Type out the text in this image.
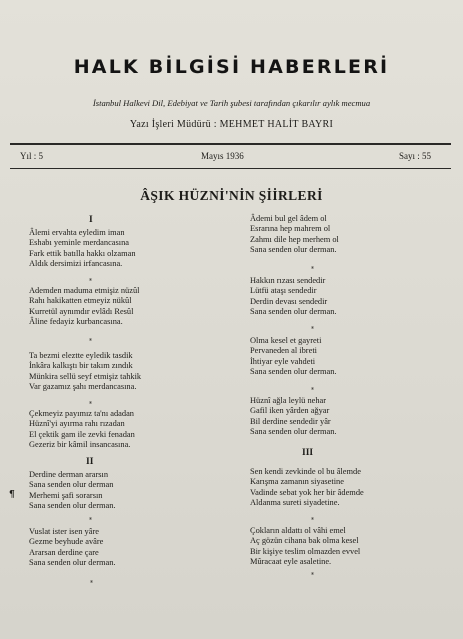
HALK BİLGİSİ HABERLERİ
İstanbul Halkevi Dil, Edebiyat ve Tarih şubesi tarafından çıkarılır aylık mecmua
Yazı İşleri Müdürü : MEHMET HALİT BAYRI
Yıl : 5	Mayıs 1936	Sayı : 55
ÂŞIK HÜZNİ'NİN ŞİİRLERİ
I
Âlemi ervahta eyledim iman
Eshabı yeminle merdancasına
Fark ettik batılla hakkı olzaman
Aldık dersimizi irfancasına.
*
Ademden maduma etmişiz nüzûl
Rahı hakikatten etmeyiz nükûl
Kurretül aynımdır evlâdı Resûl
Âline fedayiz kurbancasına.
*
Ta bezmi eleztte eyledik tasdik
İnkâra kalkıştı bir takım zındık
Münkira sellü seyf etmişiz tahkik
Var gazamız şahı merdancasına.
*
Çekmeyiz payımız ta'nı adadan
Hüznî'yi ayırma rahı rızadan
El çektik gam ile zevki fenadan
Gezeriz bir kâmil insancasına.
II
Derdine derman ararsın
Sana senden olur derman
Merhemi şafi sorarsın
Sana senden olur derman.
¶
*
Vuslat ister isen yâre
Gezme beyhude avâre
Ararsan derdine çare
Sana senden olur derman.
*
Âdemi bul gel âdem ol
Esrarına hep mahrem ol
Zahmı dile hep merhem ol
Sana senden olur derman.
*
Hakkın rızası sendedir
Lütfü ataşı sendedir
Derdin devası sendedir
Sana senden olur derman.
*
Olma kesel et gayreti
Pervaneden al ibreti
İhtiyar eyle vahdeti
Sana senden olur derman.
*
Hüznî ağla leylü nehar
Gafil iken yârden ağyar
Bil derdine sendedir yâr
Sana senden olur derman.
III
Sen kendi zevkinde ol bu âlemde
Karışma zamanın siyasetine
Vadinde sebat yok her bir âdemde
Aldanma sureti siyadetine.
*
Çokların aldattı ol vâhi emel
Aç gözün cihana bak olma kesel
Bir kişiye teslim olmazden evvel
Mûracaat eyle asaletine.
*
